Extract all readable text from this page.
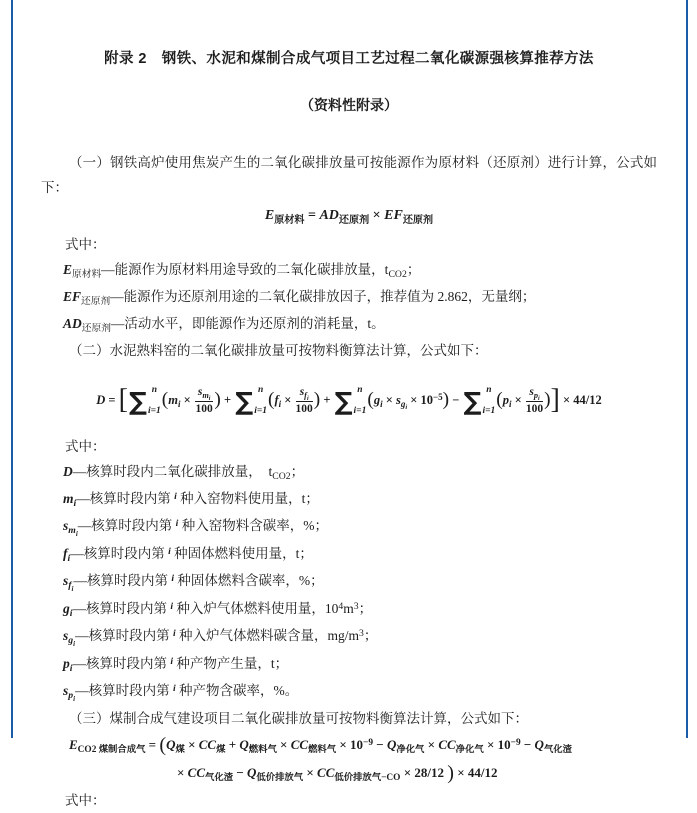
附录 2　钢铁、水泥和煤制合成气项目工艺过程二氧化碳源强核算推荐方法
（资料性附录）

（一）钢铁高炉使用焦炭产生的二氧化碳排放量可按能源作为原材料（还原剂）进行计算，公式如下：

$E_{原材料} = AD_{还原剂} \times EF_{还原剂}$

式中：

$E_{原材料}—$能源作为原材料用途导致的二氧化碳排放量，$t_{CO2}$；
$EF_{还原剂}—$能源作为还原剂用途的二氧化碳排放因子，推荐值为 2.862，无量纲；
$AD_{还原剂}—$活动水平，即能源作为还原剂的消耗量，t。

（二）水泥熟料窑的二氧化碳排放量可按物料衡算法计算，公式如下：

D = [ ∑ n
i=1
($m_i$ ×
$s_{m_i}$
100 ) + ∑ n
i=1
($f_i$ ×
$s_{f_i}$
100 ) + ∑ n
i=1
$(g_i \times s_{g_i} \times 10^{-5})$ − ∑ n
i=1
($p_i$ ×
$s_{p_i}$
100 )] × 44/12

式中：

D—核算时段内二氧化碳排放量，　$t_{CO2}$；
$m_i—$核算时段内第 $^i$ 种入窑物料使用量，t；
$s_{m_i}—$核算时段内第 $^i$ 种入窑物料含碳率，%；
$f_i—$核算时段内第 $^i$ 种固体燃料使用量，t；
$s_{f_i}—$核算时段内第 $^i$ 种固体燃料含碳率，%；
$g_i—$核算时段内第 $^i$ 种入炉气体燃料使用量，$10^4m^3$；
$s_{g_i}—$核算时段内第 $^i$ 种入炉气体燃料碳含量，$mg/m^3$；
$p_i—$核算时段内第 $^i$ 种产物产生量，t；
$s_{p_i}—$核算时段内第 $^i$ 种产物含碳率，%。

（三）煤制合成气建设项目二氧化碳排放量可按物料衡算法计算，公式如下：

$E_{CO2 煤制合成气} = (Q_煤 \times CC_煤 + Q_{燃料气} \times CC_{燃料气} \times 10^{-9} - Q_{净化气} \times CC_{净化气} \times 10^{-9} - Q_{气化渣}$
× $CC_{气化渣} - Q_{低价排放气} \times CC_{低价排放气-CO} \times 28/12$ ) × 44/12

式中：
